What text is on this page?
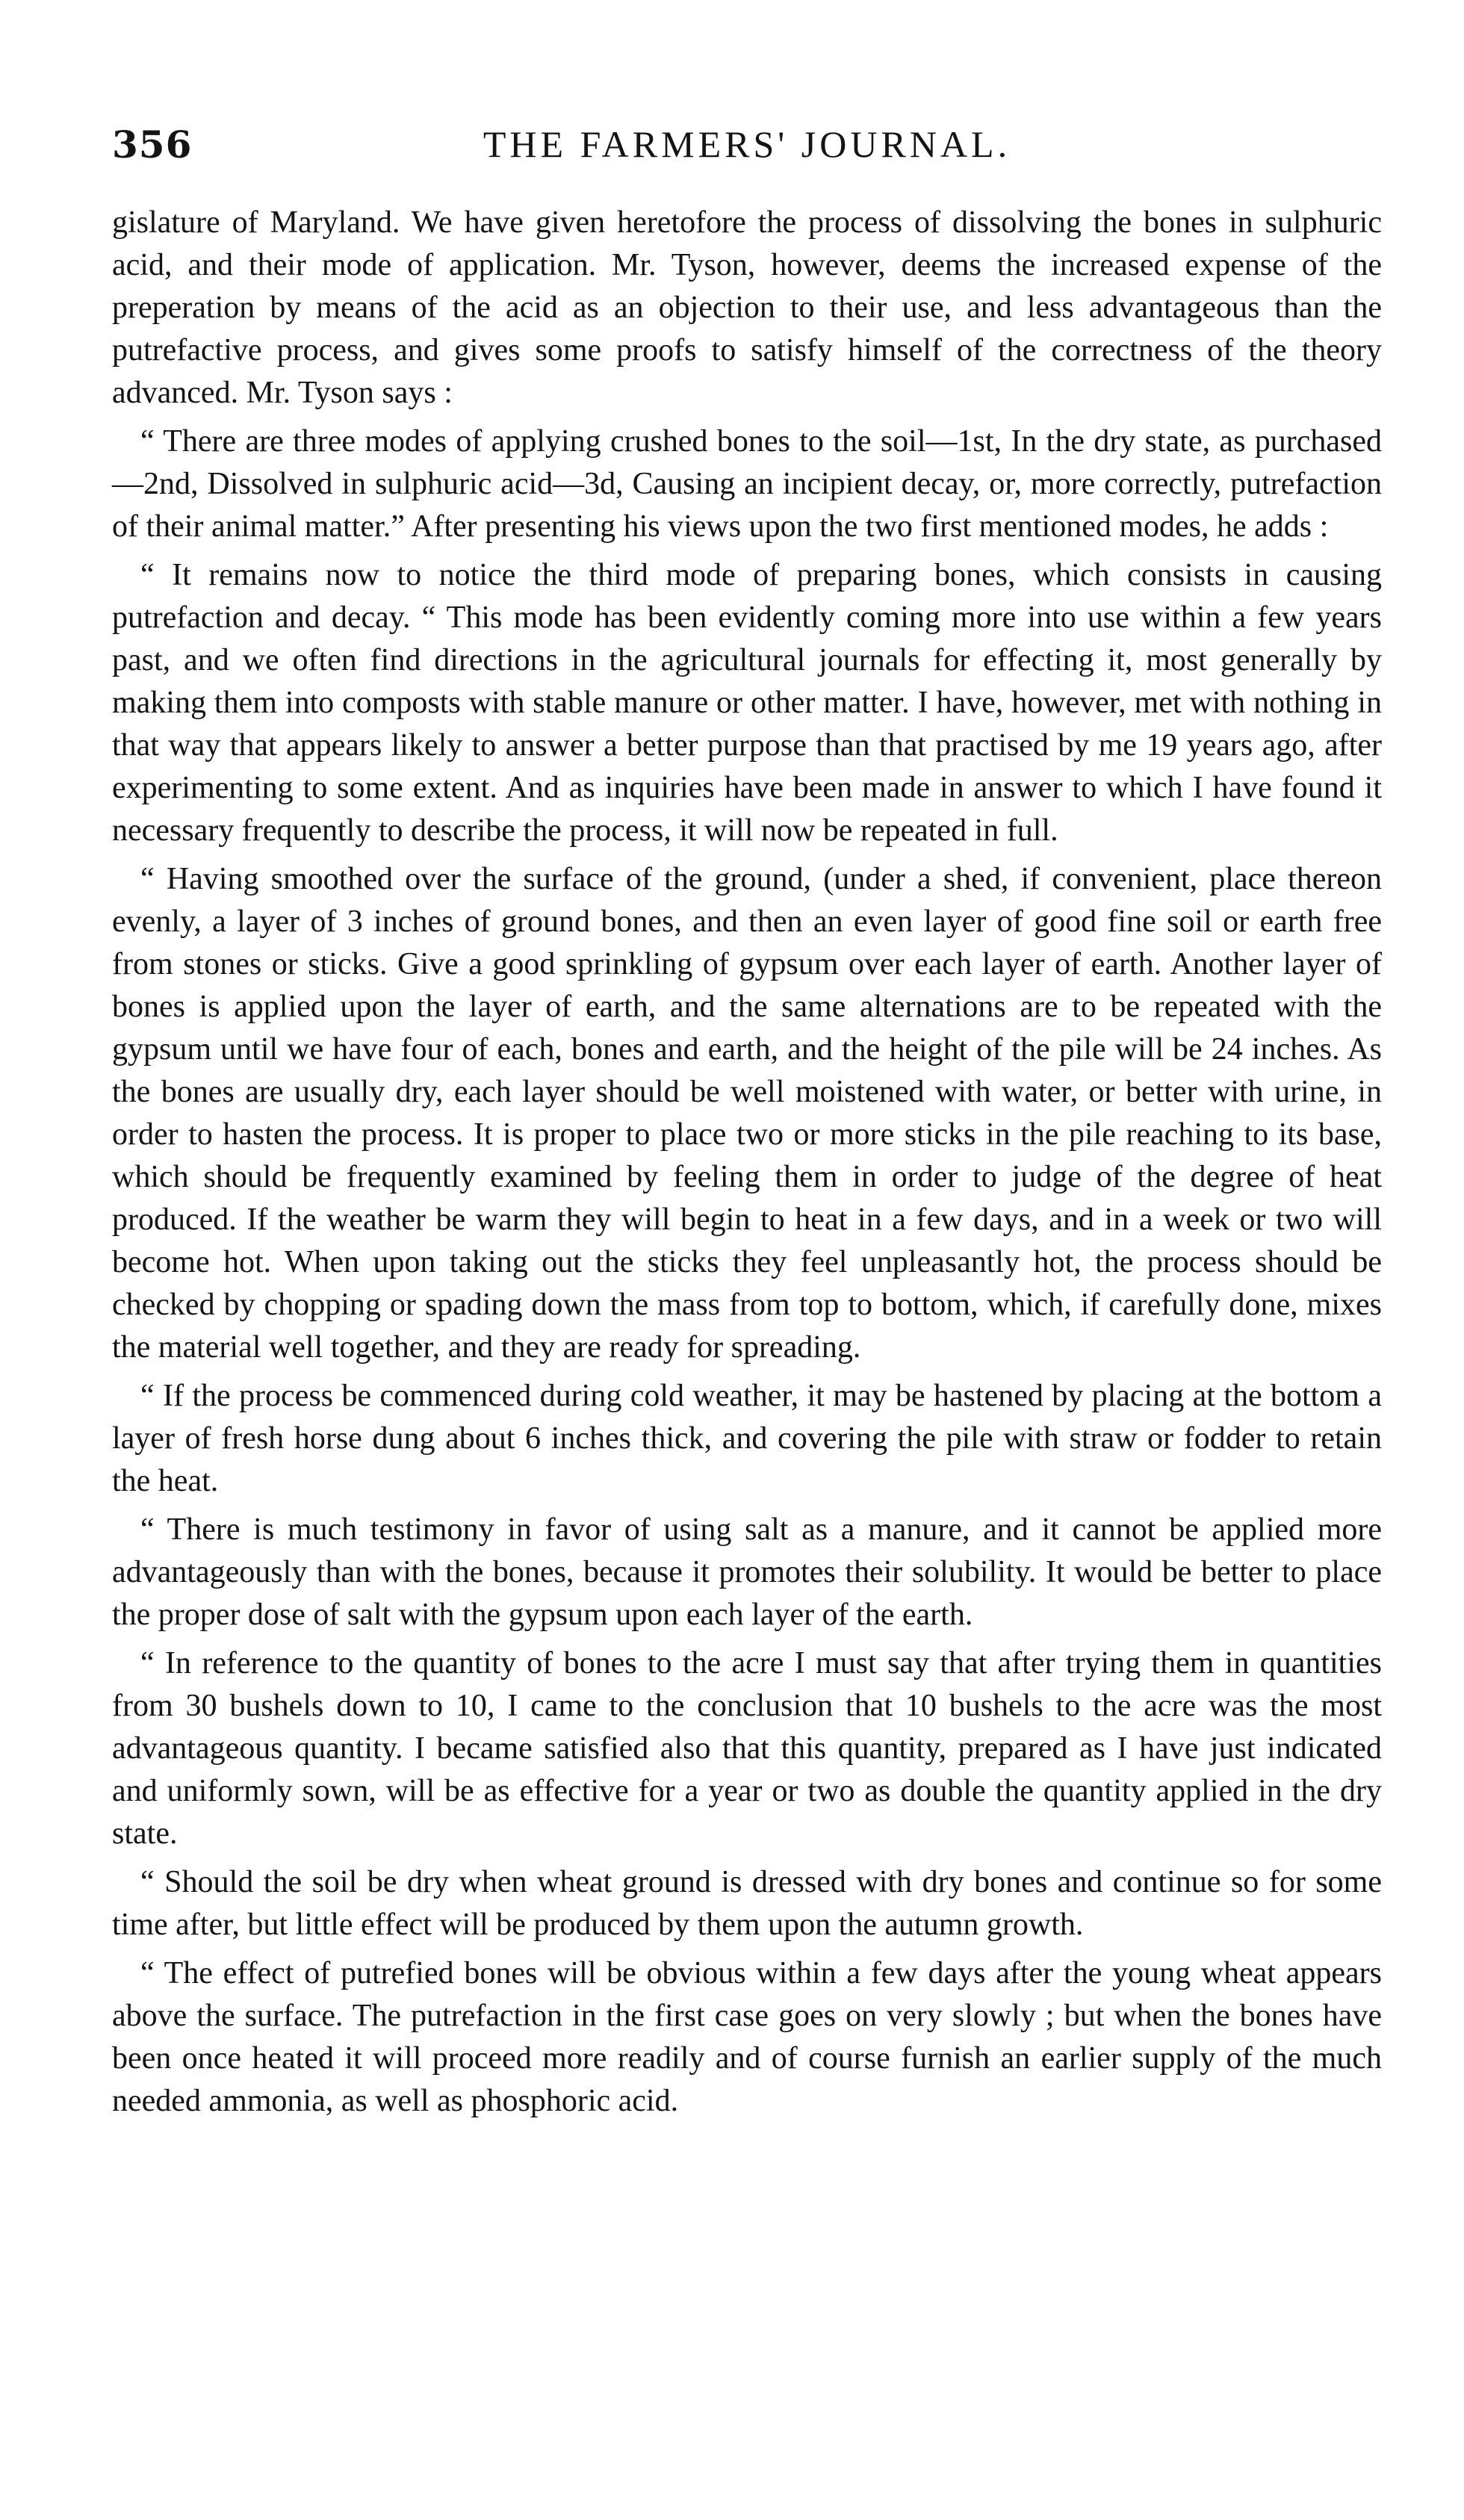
356	THE FARMERS' JOURNAL.

gislature of Maryland. We have given heretofore the process of dissolving the bones in sulphuric acid, and their mode of application. Mr. Tyson, however, deems the increased expense of the preperation by means of the acid as an objection to their use, and less advantageous than the putrefactive process, and gives some proofs to satisfy himself of the correctness of the theory advanced. Mr. Tyson says :

“ There are three modes of applying crushed bones to the soil—1st, In the dry state, as purchased—2nd, Dissolved in sulphuric acid—3d, Causing an incipient decay, or, more correctly, putrefaction of their animal matter.” After presenting his views upon the two first mentioned modes, he adds :

“ It remains now to notice the third mode of preparing bones, which consists in causing putrefaction and decay. “ This mode has been evidently coming more into use within a few years past, and we often find directions in the agricultural journals for effecting it, most generally by making them into composts with stable manure or other matter. I have, however, met with nothing in that way that appears likely to answer a better purpose than that practised by me 19 years ago, after experimenting to some extent. And as inquiries have been made in answer to which I have found it necessary frequently to describe the process, it will now be repeated in full.

“ Having smoothed over the surface of the ground, (under a shed, if convenient, place thereon evenly, a layer of 3 inches of ground bones, and then an even layer of good fine soil or earth free from stones or sticks. Give a good sprinkling of gypsum over each layer of earth. Another layer of bones is applied upon the layer of earth, and the same alternations are to be repeated with the gypsum until we have four of each, bones and earth, and the height of the pile will be 24 inches. As the bones are usually dry, each layer should be well moistened with water, or better with urine, in order to hasten the process. It is proper to place two or more sticks in the pile reaching to its base, which should be frequently examined by feeling them in order to judge of the degree of heat produced. If the weather be warm they will begin to heat in a few days, and in a week or two will become hot. When upon taking out the sticks they feel unpleasantly hot, the process should be checked by chopping or spading down the mass from top to bottom, which, if carefully done, mixes the material well together, and they are ready for spreading.

“ If the process be commenced during cold weather, it may be hastened by placing at the bottom a layer of fresh horse dung about 6 inches thick, and covering the pile with straw or fodder to retain the heat.

“ There is much testimony in favor of using salt as a manure, and it cannot be applied more advantageously than with the bones, because it promotes their solubility. It would be better to place the proper dose of salt with the gypsum upon each layer of the earth.

“ In reference to the quantity of bones to the acre I must say that after trying them in quantities from 30 bushels down to 10, I came to the conclusion that 10 bushels to the acre was the most advantageous quantity. I became satisfied also that this quantity, prepared as I have just indicated and uniformly sown, will be as effective for a year or two as double the quantity applied in the dry state.

“ Should the soil be dry when wheat ground is dressed with dry bones and continue so for some time after, but little effect will be produced by them upon the autumn growth.

“ The effect of putrefied bones will be obvious within a few days after the young wheat appears above the surface. The putrefaction in the first case goes on very slowly ; but when the bones have been once heated it will proceed more readily and of course furnish an earlier supply of the much needed ammonia, as well as phosphoric acid.
